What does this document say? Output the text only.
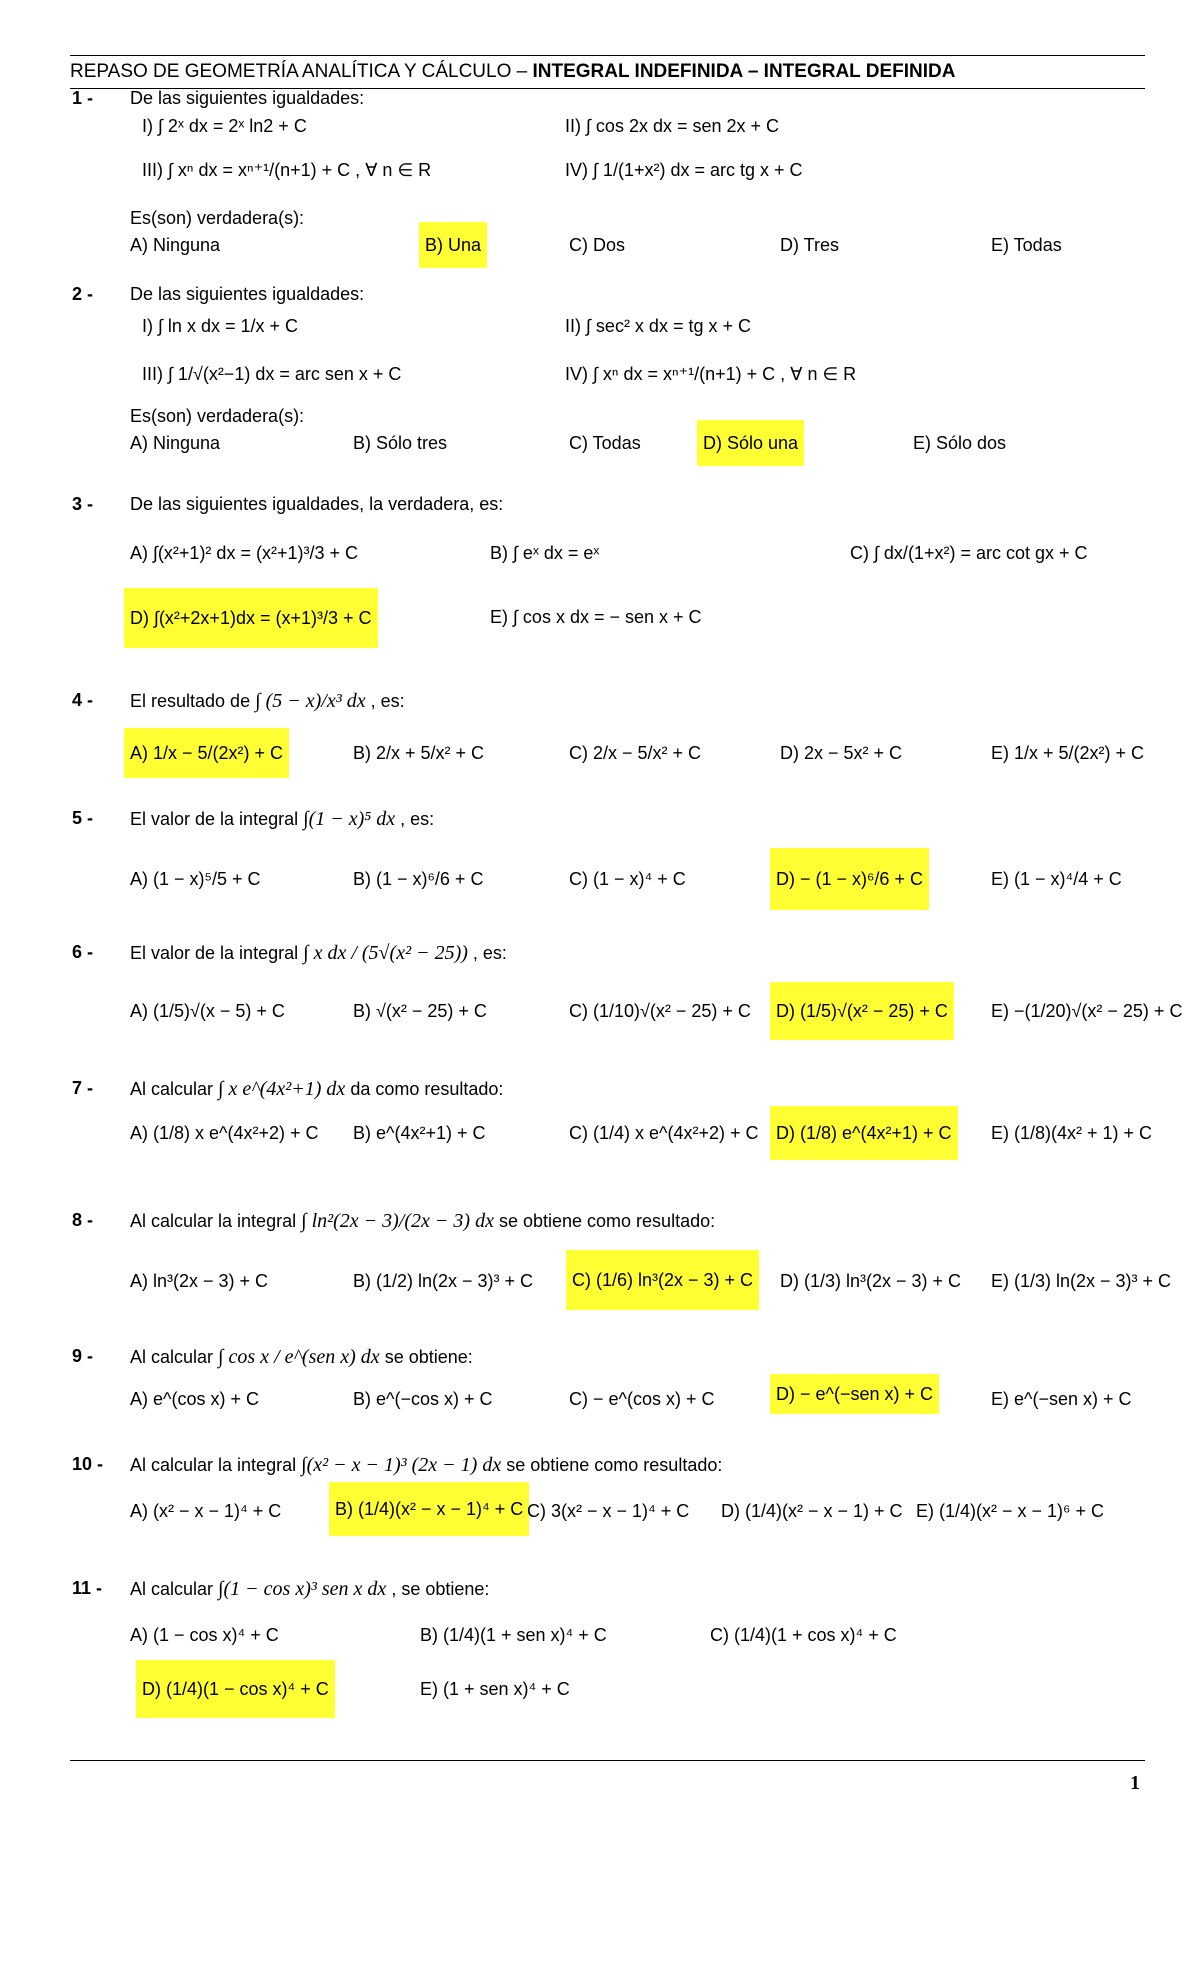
REPASO DE GEOMETRÍA ANALÍTICA Y CÁLCULO – INTEGRAL INDEFINIDA – INTEGRAL DEFINIDA
1 - De las siguientes igualdades:
I) ∫ 2ˣ dx = 2ˣ ln2 + C	II) ∫ cos 2x dx = sen 2x + C
III) ∫ xⁿ dx = xⁿ⁺¹/(n+1) + C , ∀ n ∈ R	IV) ∫ 1/(1+x²) dx = arc tg x + C
Es(son) verdadera(s):
A) Ninguna	B) Una	C) Dos	D) Tres	E) Todas
2 - De las siguientes igualdades:
I) ∫ ln x dx = 1/x + C	II) ∫ sec² x dx = tg x + C
III) ∫ 1/√(x²−1) dx = arc sen x + C	IV) ∫ xⁿ dx = xⁿ⁺¹/(n+1) + C , ∀ n ∈ R
Es(son) verdadera(s):
A) Ninguna	B) Sólo tres	C) Todas	D) Sólo una	E) Sólo dos
3 - De las siguientes igualdades, la verdadera, es:
A) ∫(x²+1)² dx = (x²+1)³/3 + C	B) ∫ eˣ dx = eˣ	C) ∫ dx/(1+x²) = arc cot gx + C
D) ∫(x²+2x+1)dx = (x+1)³/3 + C	E) ∫ cos x dx = − sen x + C
4 - El resultado de ∫ (5 − x)/x³ dx , es:
A) 1/x − 5/(2x²) + C	B) 2/x + 5/x² + C	C) 2/x − 5/x² + C	D) 2x − 5x² + C	E) 1/x + 5/(2x²) + C
5 - El valor de la integral ∫(1 − x)⁵ dx , es:
A) (1 − x)⁵/5 + C	B) (1 − x)⁶/6 + C	C) (1 − x)⁴ + C	D) − (1 − x)⁶/6 + C	E) (1 − x)⁴/4 + C
6 - El valor de la integral ∫ x dx / (5√(x² − 25)) , es:
A) (1/5)√(x − 5) + C	B) √(x² − 25) + C	C) (1/10)√(x² − 25) + C	D) (1/5)√(x² − 25) + C	E) −(1/20)√(x² − 25) + C
7 - Al calcular ∫ x e^(4x²+1) dx da como resultado:
A) (1/8) x e^(4x²+2) + C	B) e^(4x²+1) + C	C) (1/4) x e^(4x²+2) + C D) (1/8) e^(4x²+1) + C	E) (1/8)(4x² + 1) + C
8 - Al calcular la integral ∫ ln²(2x − 3)/(2x − 3) dx se obtiene como resultado:
A) ln³(2x − 3) + C	B) (1/2) ln(2x − 3)³ + C	C) (1/6) ln³(2x − 3) + C	D) (1/3) ln³(2x − 3) + C	E) (1/3) ln(2x − 3)³ + C
9 - Al calcular ∫ cos x / e^(sen x) dx se obtiene:
A) e^(cos x) + C	B) e^(−cos x) + C	C) − e^(cos x) + C	D) − e^(−sen x) + C	E) e^(−sen x) + C
10 - Al calcular la integral ∫(x² − x − 1)³ (2x − 1) dx se obtiene como resultado:
A) (x² − x − 1)⁴ + C	B) (1/4)(x² − x − 1)⁴ + C C) 3(x² − x − 1)⁴ + C	D) (1/4)(x² − x − 1) + C E) (1/4)(x² − x − 1)⁶ + C
11 - Al calcular ∫(1 − cos x)³ sen x dx , se obtiene:
A) (1 − cos x)⁴ + C	B) (1/4)(1 + sen x)⁴ + C	C) (1/4)(1 + cos x)⁴ + C
D) (1/4)(1 − cos x)⁴ + C	E) (1 + sen x)⁴ + C
1
